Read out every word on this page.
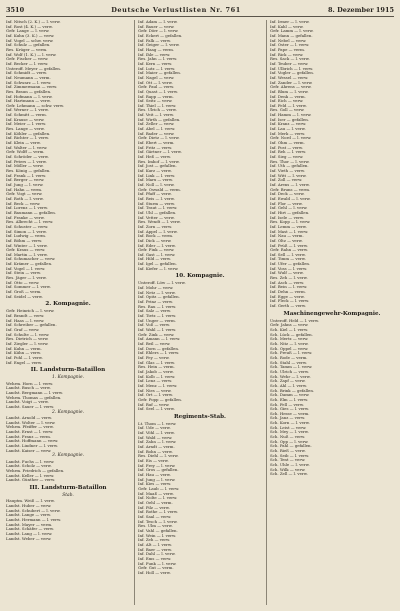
3510	Deutsche Verlustlisten Nr. 761	8. Dezember 1915
Inf. Nitsch (2. K.) — l. verw.
Inf. Rost (4. K.) — verw.
Gefr. Lange — l. verw.
Inf. Kuhn (3. K.) — verw.
Inf. Vogel — schw. verw.
Inf. Schulz — gefallen.
Res. Krüger — verm.
Inf. Wolf (1. K.) — l. verw.
Gefr. Fischer — verw.
Inf. Becker — l. verw.
Unteroff. Meyer — gefallen.
Inf. Schmidt — verw.
Inf. Neumann — verm.
Inf. Schwarz — l. verw.
Inf. Zimmermann — verw.
Res. Braun — gefallen.
Inf. Hofmann — l. verw.
Inf. Hartmann — verw.
Gefr. Lehmann — schw. verw.
Inf. Werner — l. verw.
Inf. Schmitt — verm.
Inf. Krause — verw.
Inf. Meier — l. verw.
Res. Lange — verw.
Inf. Köhler — gefallen.
Inf. Richter — l. verw.
Inf. Klein — verw.
Inf. Walter — l. verw.
Gefr. Wolff — verm.
Inf. Schröder — verw.
Inf. Peters — l. verw.
Inf. Möller — verw.
Res. König — gefallen.
Inf. Frank — l. verw.
Inf. Berger — verw.
Inf. Jung — l. verw.
Inf. Hahn — verm.
Gefr. Vogt — verw.
Inf. Roth — l. verw.
Inf. Beck — verw.
Inf. Lorenz — l. verw.
Inf. Baumann — gefallen.
Inf. Franke — verw.
Res. Albrecht — l. verw.
Inf. Schuster — verw.
Inf. Simon — l. verw.
Inf. Ludwig — verm.
Inf. Böhm — verw.
Inf. Winter — l. verw.
Gefr. Kraus — verw.
Inf. Martin — l. verw.
Inf. Schumacher — verw.
Inf. Krämer — gefallen.
Inf. Vogel — l. verw.
Inf. Stein — verw.
Res. Jäger — l. verw.
Inf. Otto — verw.
Inf. Sommer — l. verw.
Inf. Groß — verm.
Inf. Seidel — verw.
2. Kompagnie.
Gefr. Heinrich — l. verw.
Inf. Brandt — verw.
Inf. Haas — l. verw.
Inf. Schreiber — gefallen.
Inf. Graf — verw.
Inf. Schulte — l. verw.
Res. Dietrich — verw.
Inf. Ziegler — l. verw.
Inf. Kuhn — verm.
Inf. Kühn — verw.
Inf. Pohl — l. verw.
Inf. Engel — verw.
II. Landsturm-Bataillon
1. Kompagnie.
Wehrm. Horn — l. verw.
Landst. Busch — verw.
Landst. Bergmann — l. verw.
Wehrm. Thomas — gefallen.
Landst. Voigt — verw.
Landst. Sauer — l. verw.
2. Kompagnie.
Landst. Arnold — verw.
Landst. Wolter — l. verw.
Wehrm. Pfeiffer — verw.
Landst. Ernst — l. verw.
Landst. Franz — verm.
Landst. Hoffmann — verw.
Landst. Lindner — l. verw.
Landst. Kaiser — verw.
3. Kompagnie.
Landst. Fuchs — l. verw.
Landst. Scholz — verw.
Wehrm. Friedrich — gefallen.
Landst. Keller — l. verw.
Landst. Günther — verw.
III. Landsturm-Bataillon
Stab.
Hauptm. Weiß — l. verw.
Landst. Huber — verw.
Landst. Schubert — l. verw.
Landst. Lange — verw.
Landst. Hermann — l. verw.
Landst. Mayer — verm.
Landst. Schäfer — verw.
Landst. Lang — l. verw.
Landst. Weber — verw.
Inf. Adam — l. verw.
Inf. Bauer — verw.
Gefr. Dörr — l. verw.
Inf. Eckert — gefallen.
Inf. Falk — verw.
Inf. Geiger — l. verw.
Inf. Haag — verm.
Inf. Ihle — verw.
Res. Jahn — l. verw.
Inf. Kern — verw.
Inf. Lutz — l. verw.
Inf. Maier — gefallen.
Inf. Nagel — verw.
Inf. Ott — l. verw.
Gefr. Paul — verw.
Inf. Quast — l. verw.
Inf. Rapp — verm.
Inf. Seitz — verw.
Inf. Thiel — l. verw.
Res. Ulrich — verw.
Inf. Veit — l. verw.
Inf. Wirth — gefallen.
Inf. Zeller — verw.
Inf. Abel — l. verw.
Inf. Bader — verw.
Gefr. Dietz — l. verw.
Inf. Ebert — verm.
Inf. Fritz — verw.
Inf. Gärtner — l. verw.
Inf. Heß — verw.
Res. Imhof — l. verw.
Inf. Jost — gefallen.
Inf. Kurz — verw.
Inf. Link — l. verw.
Inf. Marx — verw.
Inf. Noll — l. verw.
Gefr. Oswald — verm.
Inf. Pfaff — verw.
Inf. Reis — l. verw.
Inf. Sturm — verw.
Inf. Traut — l. verw.
Inf. Uhl — gefallen.
Inf. Vetter — verw.
Res. Wendt — l. verw.
Inf. Zorn — verw.
Inf. Appel — l. verw.
Inf. Bock — verm.
Inf. Dick — verw.
Inf. Eder — l. verw.
Gefr. Fink — verw.
Inf. Gast — l. verw.
Inf. Hild — verw.
Inf. Igel — gefallen.
Inf. Kiefer — l. verw.
10. Kompagnie.
Unteroff. Löw — l. verw.
Inf. Mohr — verw.
Inf. Netz — l. verw.
Inf. Opitz — gefallen.
Inf. Prinz — verw.
Res. Rau — l. verw.
Inf. Salz — verw.
Inf. Tietz — l. verw.
Inf. Unger — verm.
Inf. Voß — verw.
Inf. Wahl — l. verw.
Gefr. Zink — verw.
Inf. Amann — l. verw.
Inf. Beil — verw.
Inf. Dorn — gefallen.
Inf. Ehlers — l. verw.
Inf. Fey — verw.
Inf. Glas — l. verw.
Res. Hein — verm.
Inf. Jakob — verw.
Inf. Kolb — l. verw.
Inf. Lenz — verw.
Inf. Menz — l. verw.
Inf. Nies — verw.
Inf. Ort — l. verw.
Gefr. Popp — gefallen.
Inf. Ruf — verw.
Inf. Seel — l. verw.
Regiments-Stab.
Lt. Thom — l. verw.
Inf. Ude — verw.
Inf. Vöhl — l. verw.
Inf. Wald — verw.
Inf. Zahn — l. verw.
Inf. Arndt — verm.
Inf. Bohn — verw.
Res. Diehl — l. verw.
Inf. Eis — verw.
Inf. Frey — l. verw.
Inf. Gros — gefallen.
Inf. Hau — verw.
Inf. Jung — l. verw.
Inf. Kies — verw.
Gefr. Laub — l. verw.
Inf. Maaß — verw.
Inf. Nolte — l. verw.
Inf. Oehl — verm.
Inf. Pilz — verw.
Inf. Rothe — l. verw.
Inf. Saal — verw.
Inf. Tesch — l. verw.
Res. Ulm — verw.
Inf. Vahl — gefallen.
Inf. Wein — l. verw.
Inf. Zeh — verw.
Inf. Alt — l. verw.
Inf. Baer — verw.
Inf. Dahl — l. verw.
Inf. Ems — verw.
Inf. Funk — l. verw.
Gefr. Gut — verm.
Inf. Holl — verw.
Inf. Irmer — l. verw.
Inf. Kahl — verw.
Gefr. Lamm — l. verw.
Inf. Mann — gefallen.
Inf. Nebel — verw.
Inf. Oster — l. verw.
Inf. Pape — verm.
Inf. Rick — verw.
Res. Sack — l. verw.
Inf. Teuber — verw.
Inf. Ulbrich — l. verw.
Inf. Vogler — gefallen.
Inf. Wessel — verw.
Inf. Zander — l. verw.
Gefr. Ahrens — verw.
Inf. Blum — l. verw.
Inf. Denk — verm.
Inf. Eich — verw.
Inf. Feld — l. verw.
Res. Goll — verw.
Inf. Hamm — l. verw.
Inf. Iser — gefallen.
Inf. Kranz — verw.
Inf. Lau — l. verw.
Inf. Merk — verw.
Gefr. Nord — l. verw.
Inf. Ohm — verm.
Inf. Post — verw.
Inf. Reh — l. verw.
Inf. Sieg — verw.
Res. Thor — l. verw.
Inf. Uth — gefallen.
Inf. Vieth — verw.
Inf. Witt — l. verw.
Inf. Zoll — verw.
Inf. Arens — l. verw.
Gefr. Bruns — verm.
Inf. Deck — verw.
Inf. Ewald — l. verw.
Inf. Flor — verw.
Inf. Gehl — l. verw.
Inf. Hirt — gefallen.
Inf. Isele — verw.
Res. Kopp — l. verw.
Inf. Lemm — verw.
Inf. Mast — l. verw.
Inf. Nau — verm.
Inf. Oltz — verw.
Inf. Prüß — l. verw.
Gefr. Rahn — verw.
Inf. Sell — l. verw.
Inf. Timm — verw.
Inf. Ufer — gefallen.
Inf. Voss — l. verw.
Inf. Wulf — verw.
Res. Zeh — l. verw.
Inf. Asch — verw.
Inf. Bein — l. verw.
Inf. Dehn — verm.
Inf. Egge — verw.
Inf. Fleck — l. verw.
Inf. Gerth — verw.
Maschinengewehr-Kompagnie.
Unteroff. Held — l. verw.
Gefr. Jahns — verw.
Sch. Kiel — l. verw.
Sch. Lück — gefallen.
Sch. Mertz — verw.
Sch. Nitz — l. verw.
Sch. Oppel — verw.
Sch. Preuß — l. verw.
Sch. Rode — verm.
Sch. Stahl — verw.
Sch. Tamm — l. verw.
Sch. Ulrich — verw.
Sch. Wehr — l. verw.
Sch. Zapf — verw.
Sch. Ahl — l. verw.
Sch. Brink — gefallen.
Sch. Damm — verw.
Sch. Elm — l. verw.
Sch. Fell — verw.
Sch. Gies — l. verw.
Sch. Hesse — verm.
Sch. Janz — verw.
Sch. Korn — l. verw.
Sch. Leist — verw.
Sch. Mey — l. verw.
Sch. Nuß — verw.
Sch. Opp — l. verw.
Sch. Pahl — gefallen.
Sch. Rieß — verw.
Sch. Seib — l. verw.
Sch. Tent — verw.
Sch. Uhle — l. verw.
Sch. Wilk — verw.
Sch. Zell — l. verw.
